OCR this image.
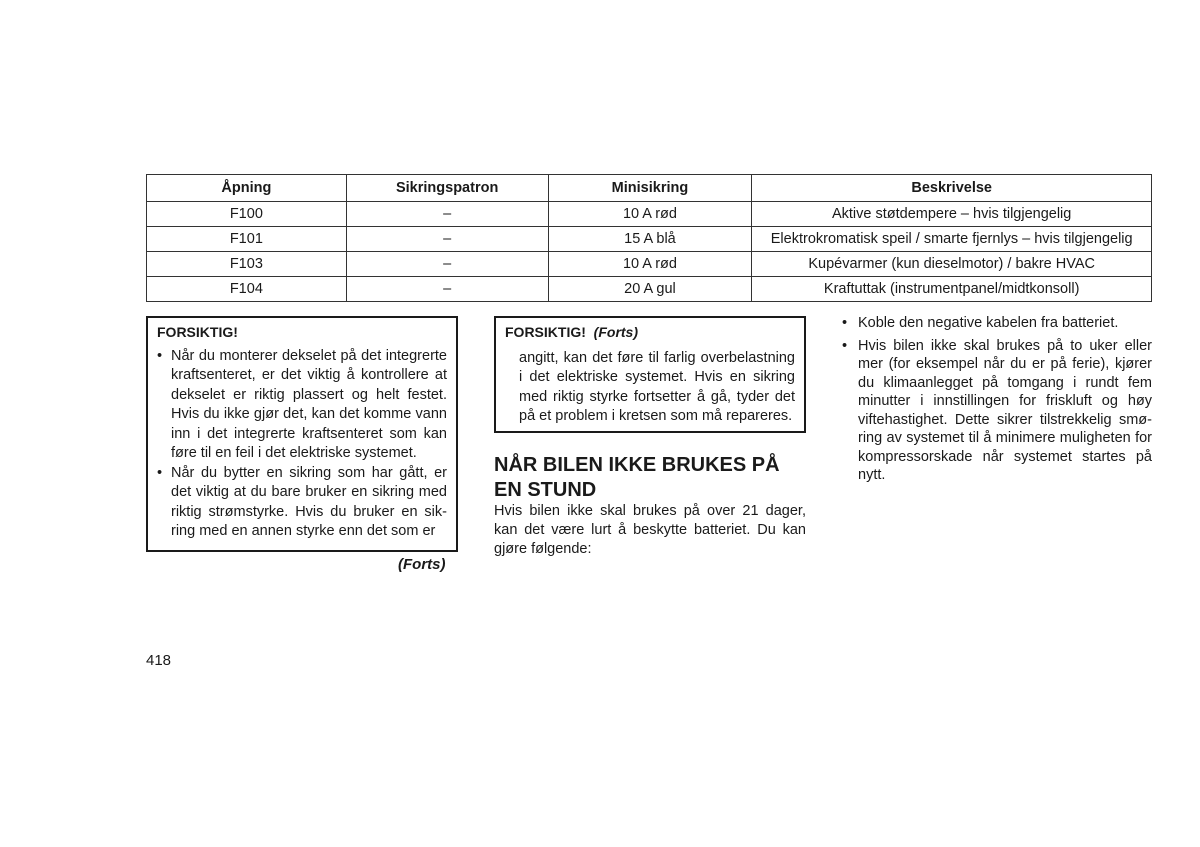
Åpning	Sikringspatron	Minisikring	Beskrivelse
F100	–	10 A rød	Aktive støtdempere – hvis tilgjengelig
F101	–	15 A blå	Elektrokromatisk speil / smarte fjernlys – hvis tilgjengelig
F103	–	10 A rød	Kupévarmer (kun dieselmotor) / bakre HVAC
F104	–	20 A gul	Kraftuttak (instrumentpanel/midtkonsoll)
FORSIKTIG!
• Når du monterer dekselet på det integrerte kraftsenteret, er det viktig å kontrollere at dekselet er riktig plassert og helt festet. Hvis du ikke gjør det, kan det komme vann inn i det integrerte kraftsenteret som kan føre til en feil i det elektriske systemet.
• Når du bytter en sikring som har gått, er det viktig at du bare bruker en sikring med riktig strømstyrke. Hvis du bruker en sikring med en annen styrke enn det som er
(Forts)
FORSIKTIG! (Forts)
angitt, kan det føre til farlig overbelastning i det elektriske systemet. Hvis en sikring med riktig styrke fortsetter å gå, tyder det på et problem i kretsen som må repareres.
NÅR BILEN IKKE BRUKES PÅ EN STUND
Hvis bilen ikke skal brukes på over 21 dager, kan det være lurt å beskytte batteriet. Du kan gjøre følgende:
• Koble den negative kabelen fra batteriet.
• Hvis bilen ikke skal brukes på to uker eller mer (for eksempel når du er på ferie), kjører du klimaanlegget på tomgang i rundt fem minutter i innstillingen for friskluft og høy viftehastighet. Dette sikrer tilstrekkelig smøring av systemet til å minimere muligheten for kompressorskade når systemet startes på nytt.
418
